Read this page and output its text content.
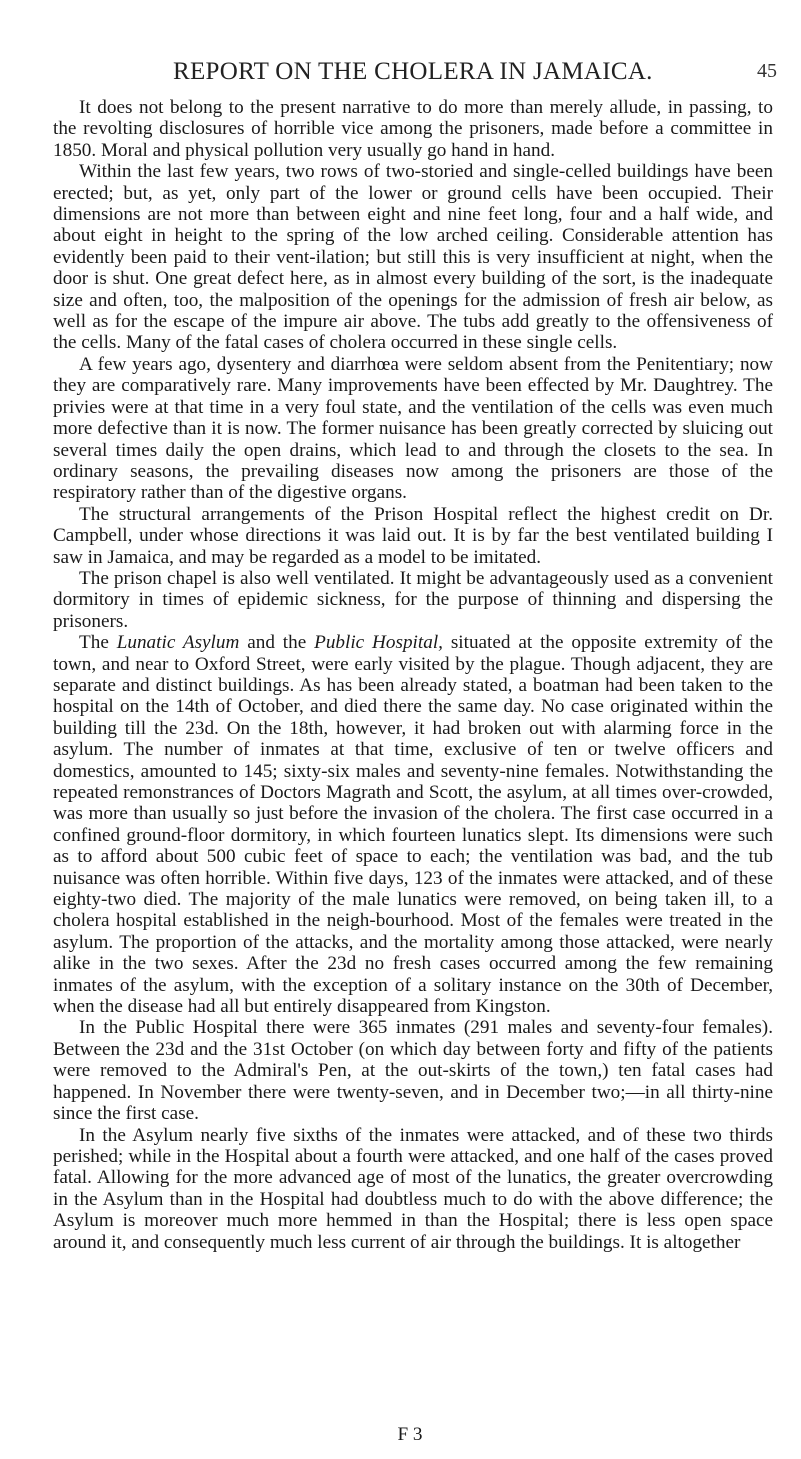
REPORT ON THE CHOLERA IN JAMAICA.	45

It does not belong to the present narrative to do more than merely allude, in passing, to the revolting disclosures of horrible vice among the prisoners, made before a committee in 1850. Moral and physical pollution very usually go hand in hand.

Within the last few years, two rows of two-storied and single-celled buildings have been erected; but, as yet, only part of the lower or ground cells have been occupied. Their dimensions are not more than between eight and nine feet long, four and a half wide, and about eight in height to the spring of the low arched ceiling. Considerable attention has evidently been paid to their vent-ilation; but still this is very insufficient at night, when the door is shut. One great defect here, as in almost every building of the sort, is the inadequate size and often, too, the malposition of the openings for the admission of fresh air below, as well as for the escape of the impure air above. The tubs add greatly to the offensiveness of the cells. Many of the fatal cases of cholera occurred in these single cells.

A few years ago, dysentery and diarrhœa were seldom absent from the Penitentiary; now they are comparatively rare. Many improvements have been effected by Mr. Daughtrey. The privies were at that time in a very foul state, and the ventilation of the cells was even much more defective than it is now. The former nuisance has been greatly corrected by sluicing out several times daily the open drains, which lead to and through the closets to the sea. In ordinary seasons, the prevailing diseases now among the prisoners are those of the respiratory rather than of the digestive organs.

The structural arrangements of the Prison Hospital reflect the highest credit on Dr. Campbell, under whose directions it was laid out. It is by far the best ventilated building I saw in Jamaica, and may be regarded as a model to be imitated.

The prison chapel is also well ventilated. It might be advantageously used as a convenient dormitory in times of epidemic sickness, for the purpose of thinning and dispersing the prisoners.

The Lunatic Asylum and the Public Hospital, situated at the opposite extremity of the town, and near to Oxford Street, were early visited by the plague. Though adjacent, they are separate and distinct buildings. As has been already stated, a boatman had been taken to the hospital on the 14th of October, and died there the same day. No case originated within the building till the 23d. On the 18th, however, it had broken out with alarming force in the asylum. The number of inmates at that time, exclusive of ten or twelve officers and domestics, amounted to 145; sixty-six males and seventy-nine females. Notwithstanding the repeated remonstrances of Doctors Magrath and Scott, the asylum, at all times over-crowded, was more than usually so just before the invasion of the cholera. The first case occurred in a confined ground-floor dormitory, in which fourteen lunatics slept. Its dimensions were such as to afford about 500 cubic feet of space to each; the ventilation was bad, and the tub nuisance was often horrible. Within five days, 123 of the inmates were attacked, and of these eighty-two died. The majority of the male lunatics were removed, on being taken ill, to a cholera hospital established in the neigh-bourhood. Most of the females were treated in the asylum. The proportion of the attacks, and the mortality among those attacked, were nearly alike in the two sexes. After the 23d no fresh cases occurred among the few remaining inmates of the asylum, with the exception of a solitary instance on the 30th of December, when the disease had all but entirely disappeared from Kingston.

In the Public Hospital there were 365 inmates (291 males and seventy-four females). Between the 23d and the 31st October (on which day between forty and fifty of the patients were removed to the Admiral's Pen, at the out-skirts of the town,) ten fatal cases had happened. In November there were twenty-seven, and in December two;—in all thirty-nine since the first case.

In the Asylum nearly five sixths of the inmates were attacked, and of these two thirds perished; while in the Hospital about a fourth were attacked, and one half of the cases proved fatal. Allowing for the more advanced age of most of the lunatics, the greater overcrowding in the Asylum than in the Hospital had doubtless much to do with the above difference; the Asylum is moreover much more hemmed in than the Hospital; there is less open space around it, and consequently much less current of air through the buildings. It is altogether

F 3
